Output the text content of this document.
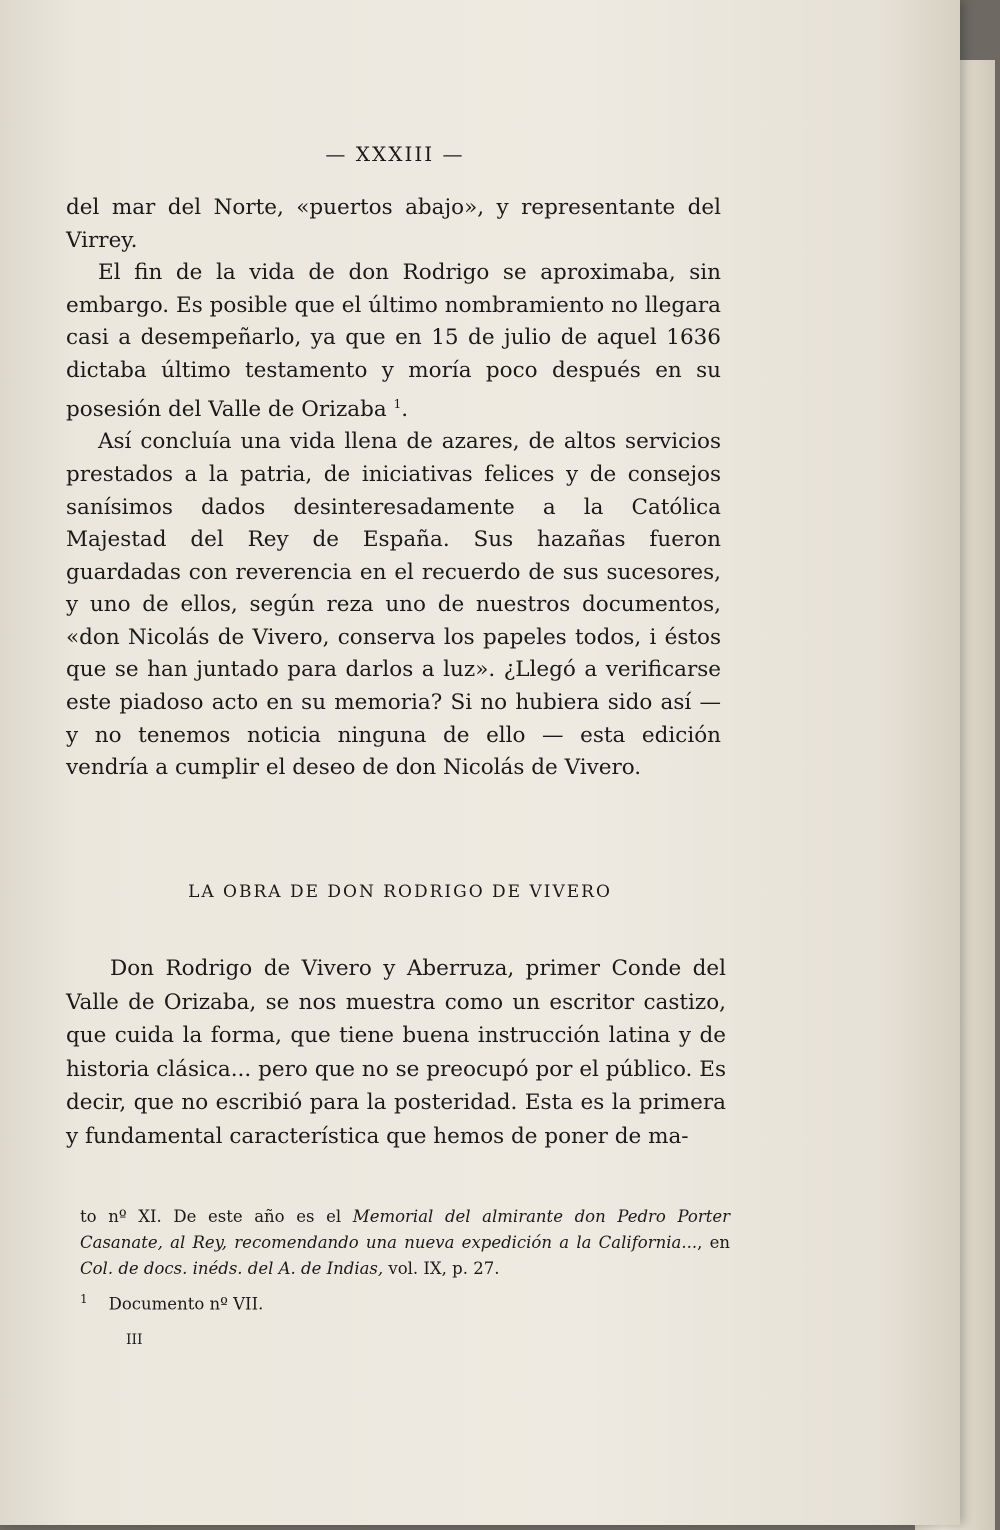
— XXXIII —

del mar del Norte, «puertos abajo», y representante del Virrey.

El fin de la vida de don Rodrigo se aproximaba, sin embargo. Es posible que el último nombramiento no llegara casi a desempeñarlo, ya que en 15 de julio de aquel 1636 dictaba último testamento y moría poco después en su posesión del Valle de Orizaba $^1$.

Así concluía una vida llena de azares, de altos servicios prestados a la patria, de iniciativas felices y de consejos sanísimos dados desinteresadamente a la Católica Majestad del Rey de España. Sus hazañas fueron guardadas con reverencia en el recuerdo de sus sucesores, y uno de ellos, según reza uno de nuestros documentos, «don Nicolás de Vivero, conserva los papeles todos, i éstos que se han juntado para darlos a luz». ¿Llegó a verificarse este piadoso acto en su memoria? Si no hubiera sido así — y no tenemos noticia ninguna de ello — esta edición vendría a cumplir el deseo de don Nicolás de Vivero.

LA OBRA DE DON RODRIGO DE VIVERO

Don Rodrigo de Vivero y Aberruza, primer Conde del Valle de Orizaba, se nos muestra como un escritor castizo, que cuida la forma, que tiene buena instrucción latina y de historia clásica... pero que no se preocupó por el público. Es decir, que no escribió para la posteridad. Esta es la primera y fundamental característica que hemos de poner de ma-

to nº XI. De este año es el Memorial del almirante don Pedro Porter Casanate, al Rey, recomendando una nueva expedición a la California..., en Col. de docs. inéds. del A. de Indias, vol. IX, p. 27.

$^1$ Documento nº VII.

III
